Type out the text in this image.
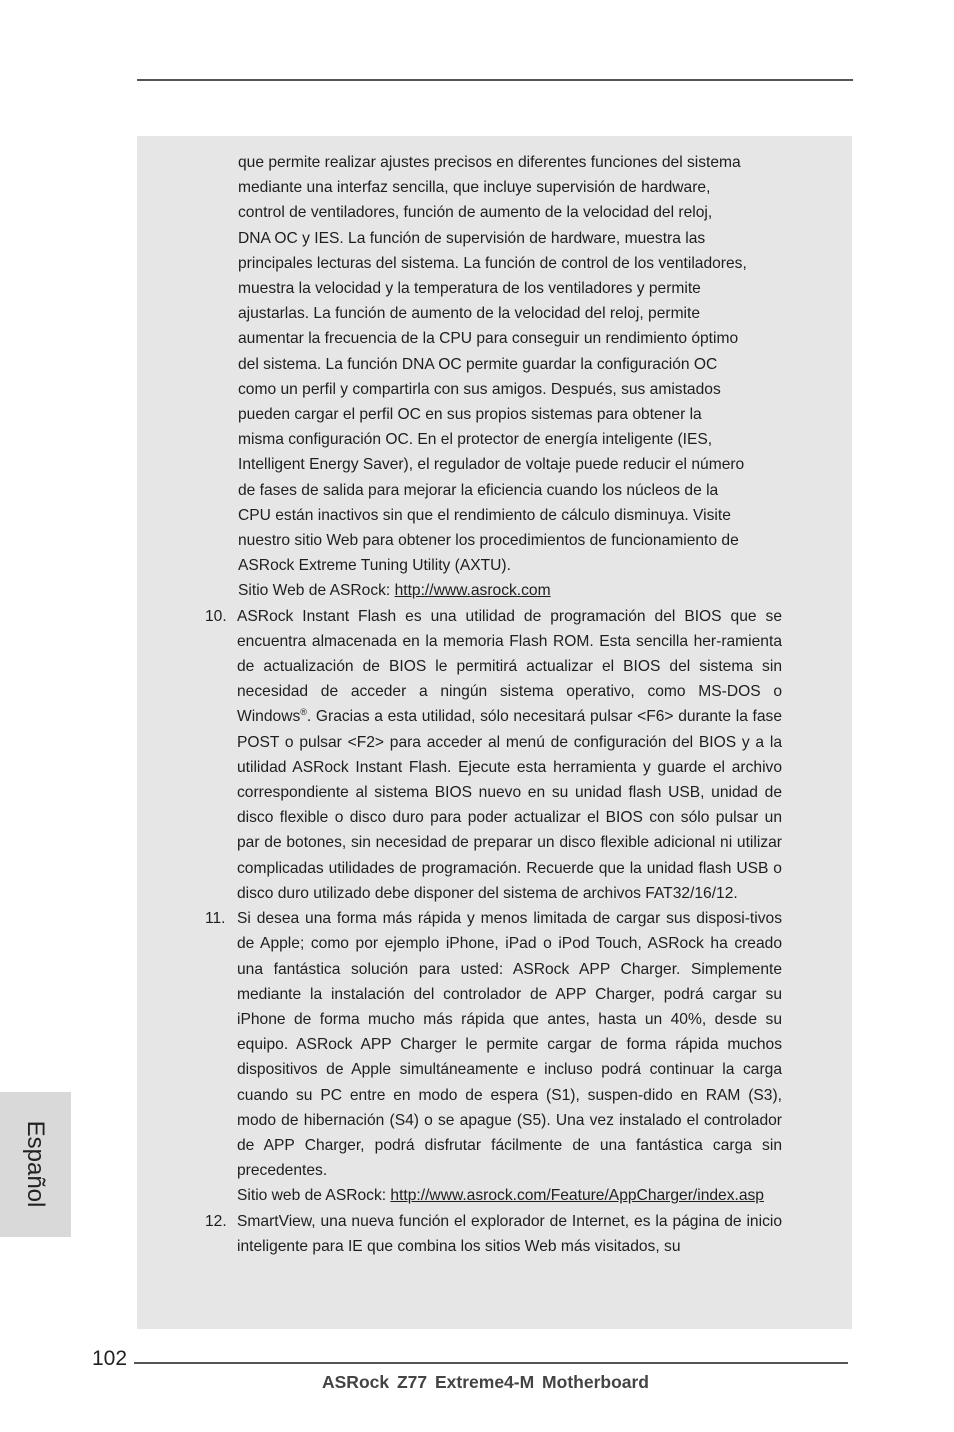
que permite realizar ajustes precisos en diferentes funciones del sistema
mediante una interfaz sencilla, que incluye supervisión de hardware,
control de ventiladores, función de aumento de la velocidad del reloj,
DNA OC y IES. La función de supervisión de hardware, muestra las
principales lecturas del sistema. La función de control de los ventiladores,
muestra la velocidad y la temperatura de los ventiladores y permite
ajustarlas. La función de aumento de la velocidad del reloj, permite
aumentar la frecuencia de la CPU para conseguir un rendimiento óptimo
del sistema. La función DNA OC permite guardar la configuración OC
como un perfil y compartirla con sus amigos. Después, sus amistados
pueden cargar el perfil OC en sus propios sistemas para obtener la
misma configuración OC. En el protector de energía inteligente (IES,
Intelligent Energy Saver), el regulador de voltaje puede reducir el número
de fases de salida para mejorar la eficiencia cuando los núcleos de la
CPU están inactivos sin que el rendimiento de cálculo disminuya. Visite
nuestro sitio Web para obtener los procedimientos de funcionamiento de
ASRock Extreme Tuning Utility (AXTU).
Sitio Web de ASRock: http://www.asrock.com

10. ASRock Instant Flash es una utilidad de programación del BIOS que se encuentra almacenada en la memoria Flash ROM. Esta sencilla her-ramienta de actualización de BIOS le permitirá actualizar el BIOS del sistema sin necesidad de acceder a ningún sistema operativo, como MS-DOS o Windows®. Gracias a esta utilidad, sólo necesitará pulsar <F6> durante la fase POST o pulsar <F2> para acceder al menú de configuración del BIOS y a la utilidad ASRock Instant Flash. Ejecute esta herramienta y guarde el archivo correspondiente al sistema BIOS nuevo en su unidad flash USB, unidad de disco flexible o disco duro para poder actualizar el BIOS con sólo pulsar un par de botones, sin necesidad de preparar un disco flexible adicional ni utilizar complicadas utilidades de programación. Recuerde que la unidad flash USB o disco duro utilizado debe disponer del sistema de archivos FAT32/16/12.
11. Si desea una forma más rápida y menos limitada de cargar sus disposi-tivos de Apple; como por ejemplo iPhone, iPad o iPod Touch, ASRock ha creado una fantástica solución para usted: ASRock APP Charger. Simplemente mediante la instalación del controlador de APP Charger, podrá cargar su iPhone de forma mucho más rápida que antes, hasta un 40%, desde su equipo. ASRock APP Charger le permite cargar de forma rápida muchos dispositivos de Apple simultáneamente e incluso podrá continuar la carga cuando su PC entre en modo de espera (S1), suspen-dido en RAM (S3), modo de hibernación (S4) o se apague (S5). Una vez instalado el controlador de APP Charger, podrá disfrutar fácilmente de una fantástica carga sin precedentes.
Sitio web de ASRock: http://www.asrock.com/Feature/AppCharger/index.asp
12. SmartView, una nueva función el explorador de Internet, es la página de inicio inteligente para IE que combina los sitios Web más visitados, su
Español
102
ASRock Z77 Extreme4-M Motherboard
